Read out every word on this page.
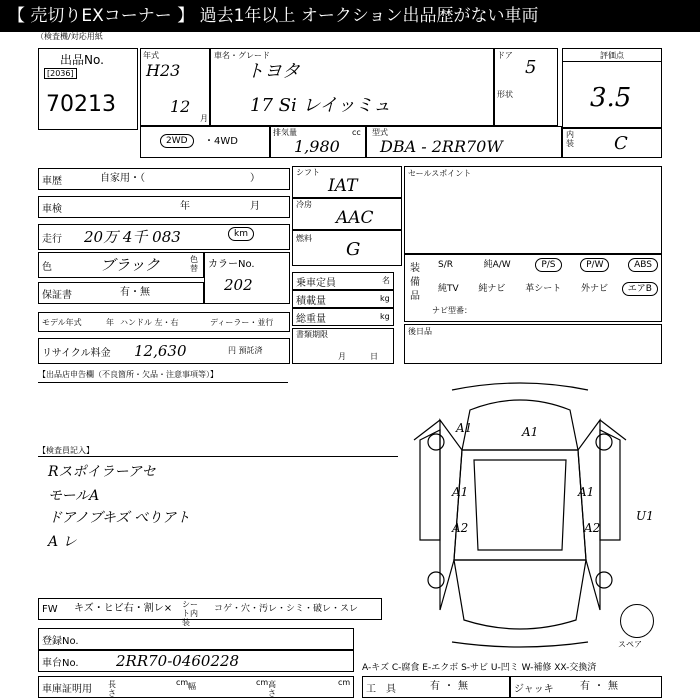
【 売切りEXコーナー 】 過去1年以上 オークション出品歴がない車両
（検査機/対応用紙
出品No.
[2036]
70213
年式
H23
12
月
車名・グレード
トヨタ
17 Si レイッミュ
ドア
5
形状
評価点
3.5
内装 C
2WD	・4WD
排気量
1,980
cc 型式
DBA - 2RR70W
車歴	自家用・（	）
車検	年	月
走行 20万 4千 083	km
色	ブラック	色替 カラーNo.
202
保証書	有・無
モデル年式	年 ハンドル 左・右	ディーラー・並行
リサイクル料金 12,630	円 預託済
シフト
IAT
冷房
AAC
燃料
G
乗車定員	名
積載量	kg
総重量	kg
書類期限
月日
セールスポイント
装備品
S/R	純A/W	P/S	P/W	ABS
純TV	純ナビ	革シート	外ナビ	エアB
ナビ型番：
後日品
【出品店申告欄（不良箇所・欠品・注意事項等）】
【検査員記入】
Rスポイラーアセ
モールA
ドアノブキズ べりアト
A レ
A1	A1
A1	A1
A2	A2
U1
スペア
FW キズ・ヒビ右・割レ× シート内装
コゲ・穴・汚レ・シミ・破レ・スレ
登録No.
車台No. 2RR70-0460228
車庫証明用 長さ
cm 幅	cm 高さ
cm
A-キズ C-腐食 E-エクボ S-サビ U-凹ミ W-補修 XX-交換済
工具 有・無	ジャッキ	有・無
